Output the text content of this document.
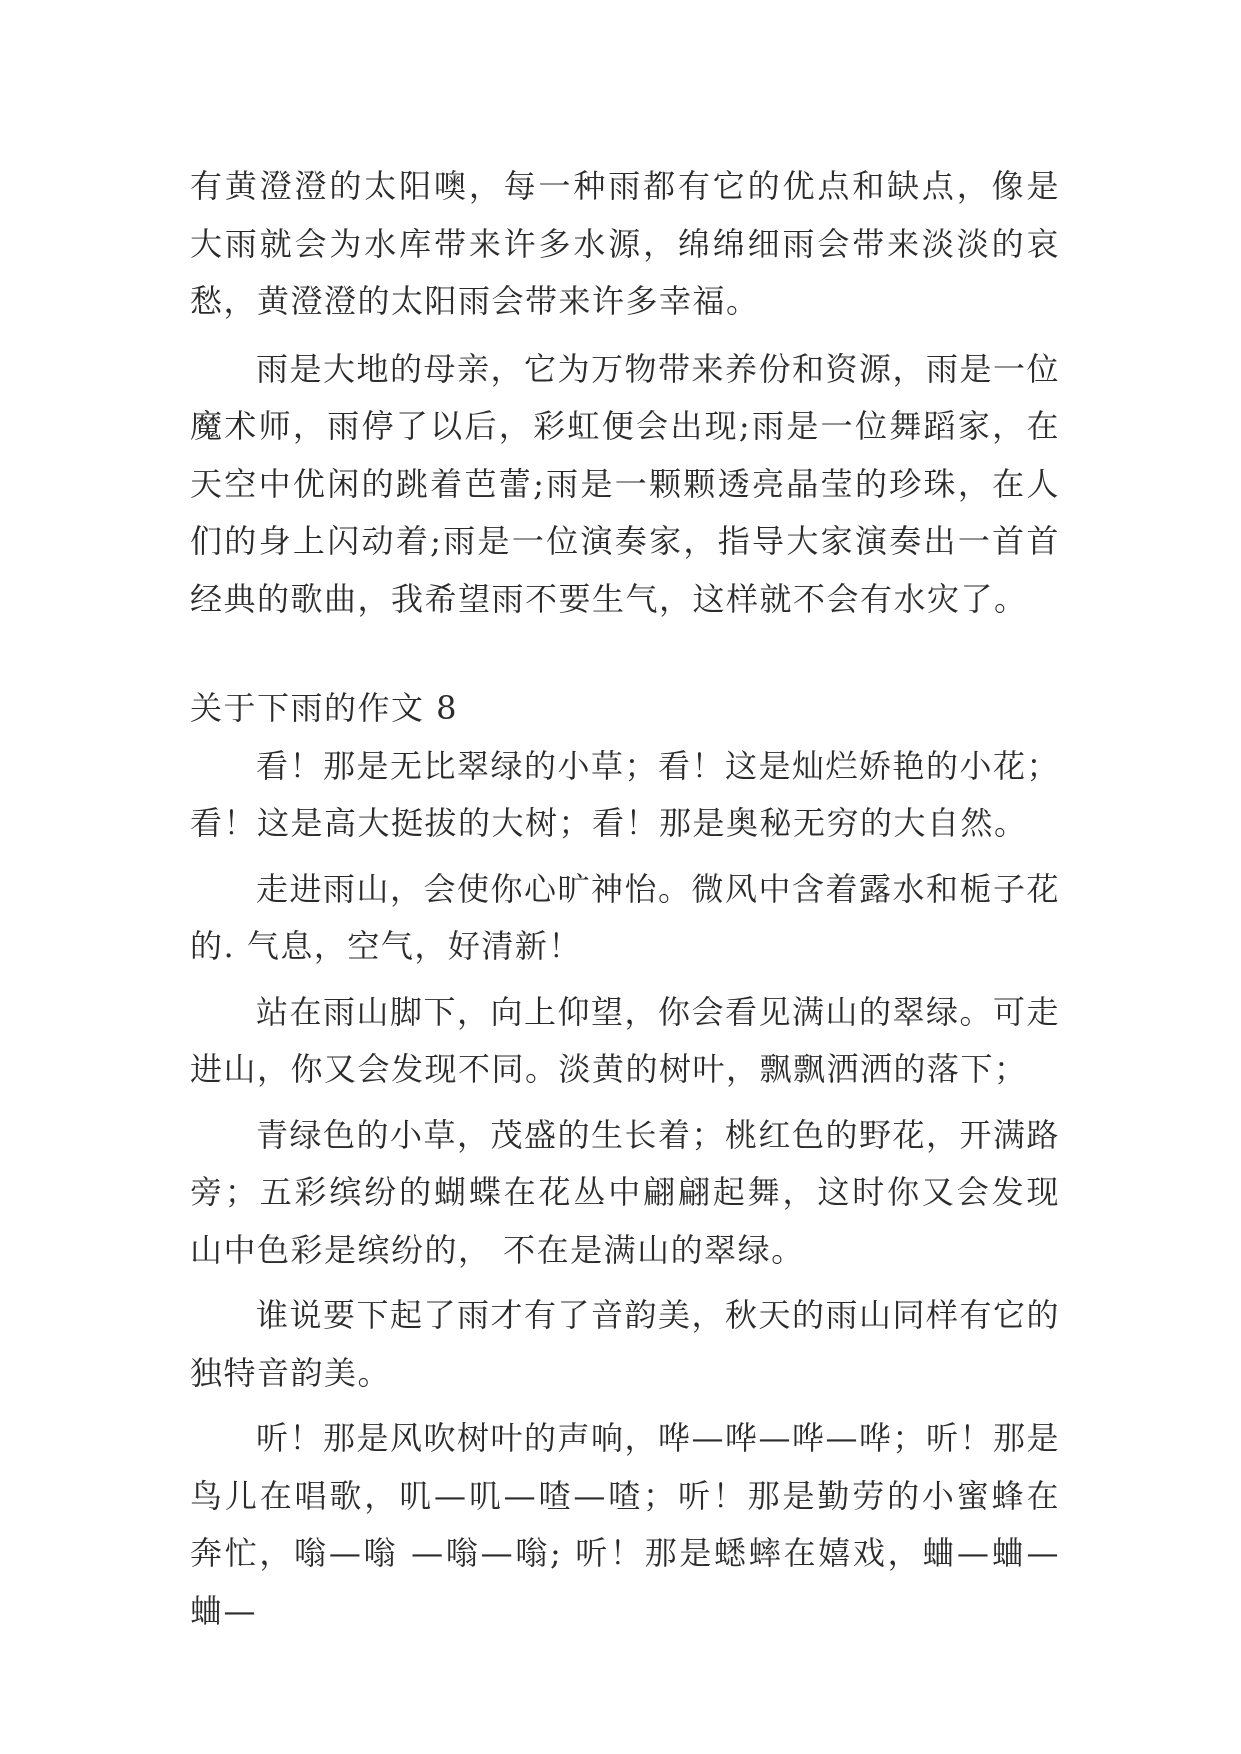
有黄澄澄的太阳噢，每一种雨都有它的优点和缺点，像是大雨就会为水库带来许多水源，绵绵细雨会带来淡淡的哀愁，黄澄澄的太阳雨会带来许多幸福。

雨是大地的母亲，它为万物带来养份和资源，雨是一位魔术师，雨停了以后，彩虹便会出现;雨是一位舞蹈家，在天空中优闲的跳着芭蕾;雨是一颗颗透亮晶莹的珍珠，在人们的身上闪动着;雨是一位演奏家，指导大家演奏出一首首经典的歌曲，我希望雨不要生气，这样就不会有水灾了。

关于下雨的作文 8

看！那是无比翠绿的小草；看！这是灿烂娇艳的小花；看！这是高大挺拔的大树；看！那是奥秘无穷的大自然。

走进雨山，会使你心旷神怡。微风中含着露水和栀子花的. 气息，空气，好清新！

站在雨山脚下，向上仰望，你会看见满山的翠绿。可走进山，你又会发现不同。淡黄的树叶，飘飘洒洒的落下；

青绿色的小草，茂盛的生长着；桃红色的野花，开满路旁；五彩缤纷的蝴蝶在花丛中翩翩起舞，这时你又会发现山中色彩是缤纷的， 不在是满山的翠绿。

谁说要下起了雨才有了音韵美，秋天的雨山同样有它的独特音韵美。

听！那是风吹树叶的声响，哗—哗—哗—哗；听！那是鸟儿在唱歌，叽—叽—喳—喳；听！那是勤劳的小蜜蜂在奔忙，嗡—嗡 —嗡—嗡; 听！那是蟋蟀在嬉戏，蛐—蛐—蛐—
